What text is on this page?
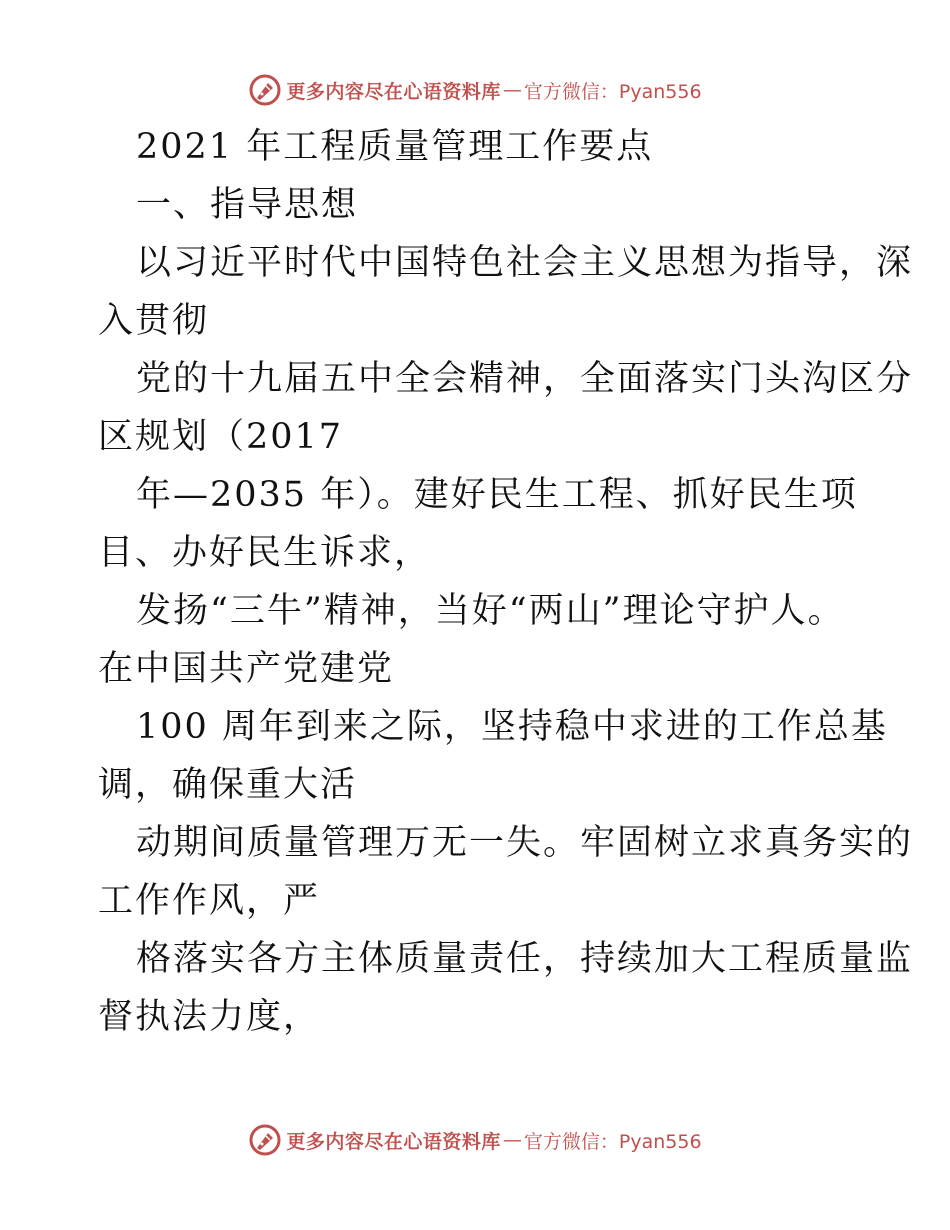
更多内容尽在心语资料库 — 官方微信：Pyan556
2021 年工程质量管理工作要点
一、指导思想
以习近平时代中国特色社会主义思想为指导，深
入贯彻
党的十九届五中全会精神，全面落实门头沟区分
区规划（2017
年—2035 年）。建好民生工程、抓好民生项
目、办好民生诉求，
发扬“三牛”精神，当好“两山”理论守护人。
在中国共产党建党
100 周年到来之际，坚持稳中求进的工作总基
调，确保重大活
动期间质量管理万无一失。牢固树立求真务实的
工作作风，严
格落实各方主体质量责任，持续加大工程质量监
督执法力度，
更多内容尽在心语资料库 — 官方微信：Pyan556
